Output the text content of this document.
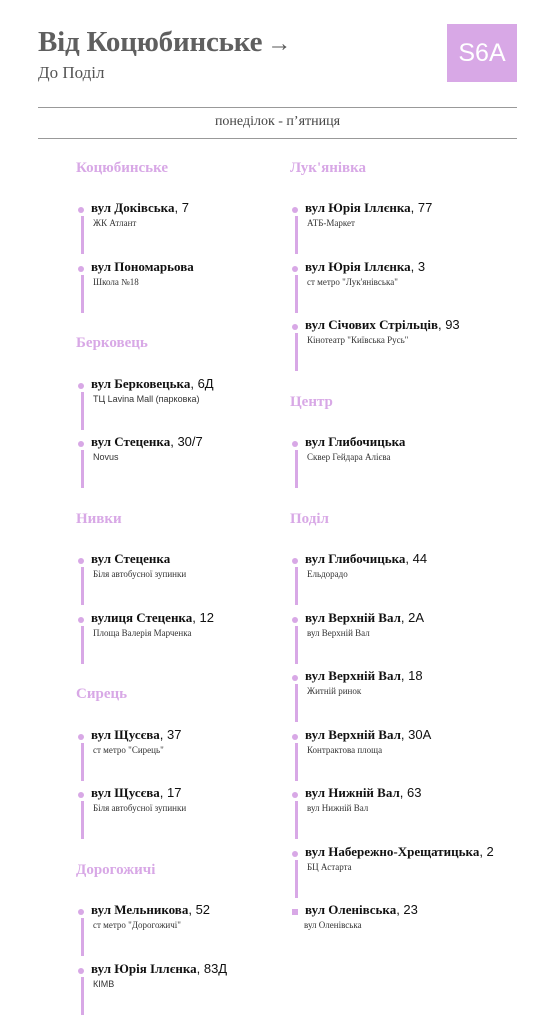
Від Коцюбинське →
До Поділ
S6A
понеділок - п’ятниця
Коцюбинське
вул Доківська, 7
ЖК Атлант
вул Пономарьова
Школа №18
Берковець
вул Берковецька, 6Д
ТЦ Lavina Mall (парковка)
вул Стеценка, 30/7
Novus
Нивки
вул Стеценка
Біля автобусної зупинки
вулиця Стеценка, 12
Площа Валерія Марченка
Сирець
вул Щусєва, 37
ст метро "Сирець"
вул Щусєва, 17
Біля автобусної зупинки
Дорогожичі
вул Мельникова, 52
ст метро "Дорогожичі"
вул Юрія Іллєнка, 83Д
КІМВ
Лук'янівка
вул Юрія Іллєнка, 77
АТБ-Маркет
вул Юрія Іллєнка, 3
ст метро "Лук'янівська"
вул Січових Стрільців, 93
Кінотеатр "Київська Русь"
Центр
вул Глибочицька
Сквер Гейдара Алієва
Поділ
вул Глибочицька, 44
Ельдорадо
вул Верхній Вал, 2А
вул Верхній Вал
вул Верхній Вал, 18
Житній ринок
вул Верхній Вал, 30А
Контрактова площа
вул Нижній Вал, 63
вул Нижній Вал
вул Набережно-Хрещатицька, 2
БЦ Астарта
вул Оленівська, 23
вул Оленівська
